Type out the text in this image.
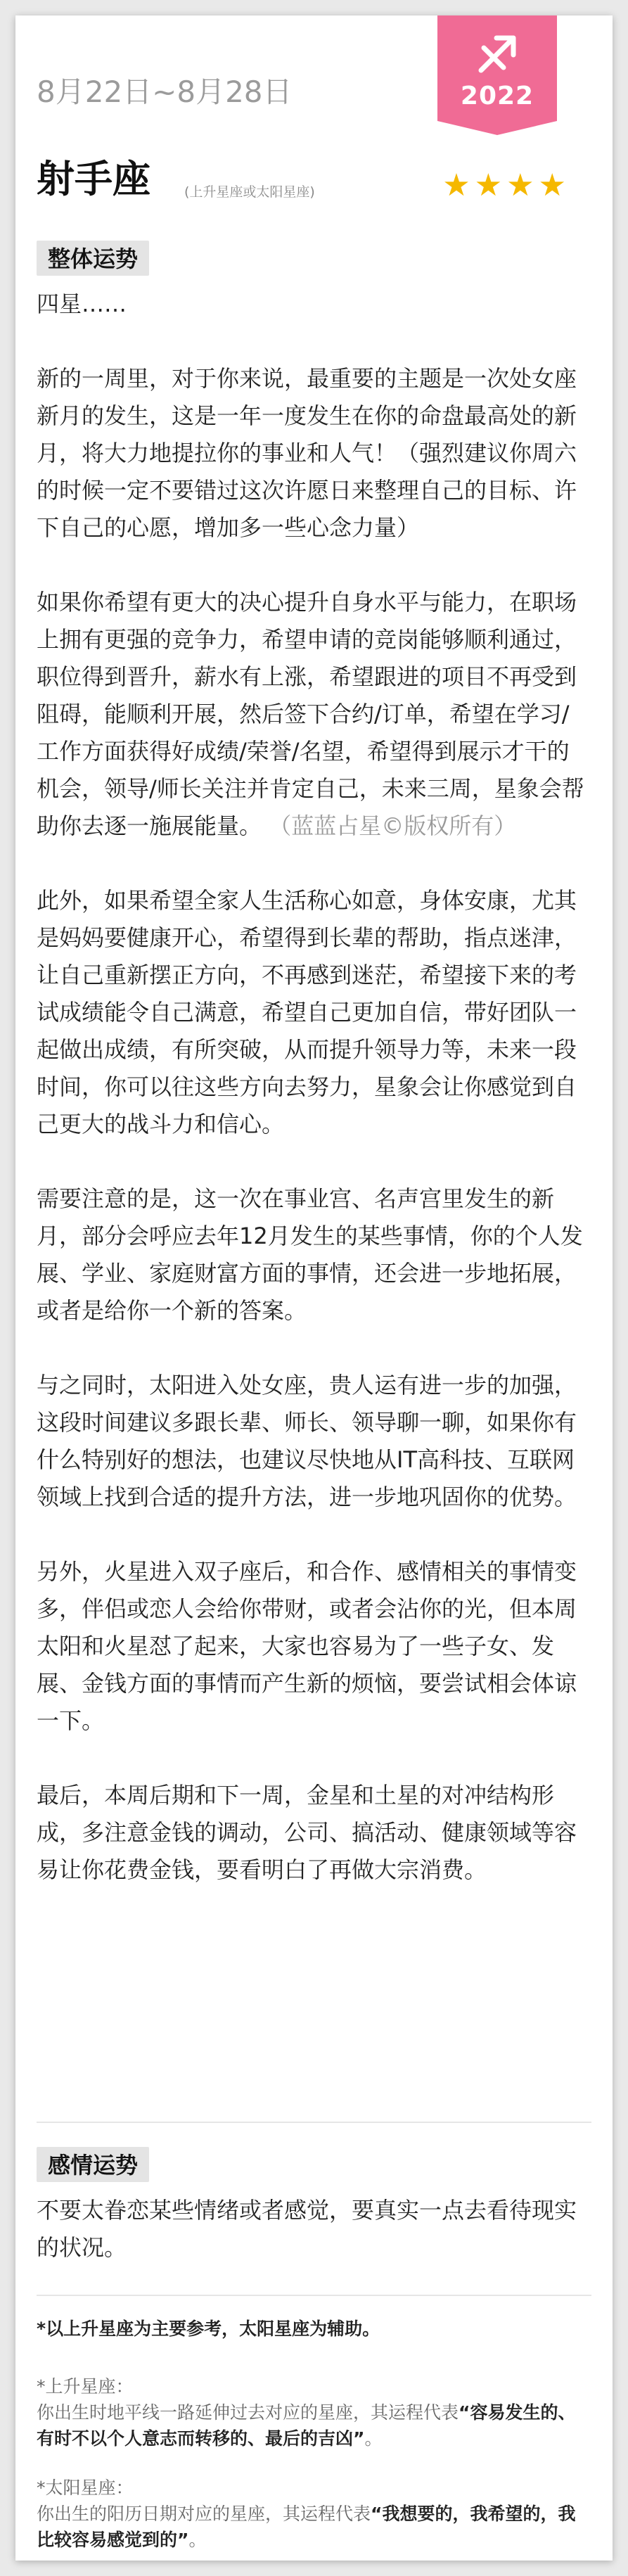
2022
8月22日~8月28日
射手座	(上升星座或太阳星座)	★★★★
整体运势

四星……

新的一周里，对于你来说，最重要的主题是一次处女座新月的发生，这是一年一度发生在你的命盘最高处的新月，将大力地提拉你的事业和人气！（强烈建议你周六的时候一定不要错过这次许愿日来整理自己的目标、许下自己的心愿，增加多一些心念力量）

如果你希望有更大的决心提升自身水平与能力，在职场上拥有更强的竞争力，希望申请的竞岗能够顺利通过，职位得到晋升，薪水有上涨，希望跟进的项目不再受到阻碍，能顺利开展，然后签下合约/订单，希望在学习/工作方面获得好成绩/荣誉/名望，希望得到展示才干的机会，领导/师长关注并肯定自己，未来三周，星象会帮助你去逐一施展能量。 （蓝蓝占星©版权所有）

此外，如果希望全家人生活称心如意，身体安康，尤其是妈妈要健康开心，希望得到长辈的帮助，指点迷津，让自己重新摆正方向，不再感到迷茫，希望接下来的考试成绩能令自己满意，希望自己更加自信，带好团队一起做出成绩，有所突破，从而提升领导力等，未来一段时间，你可以往这些方向去努力，星象会让你感觉到自己更大的战斗力和信心。

需要注意的是，这一次在事业宫、名声宫里发生的新月，部分会呼应去年12月发生的某些事情，你的个人发展、学业、家庭财富方面的事情，还会进一步地拓展，或者是给你一个新的答案。

与之同时，太阳进入处女座，贵人运有进一步的加强，这段时间建议多跟长辈、师长、领导聊一聊，如果你有什么特别好的想法，也建议尽快地从IT高科技、互联网领域上找到合适的提升方法，进一步地巩固你的优势。

另外，火星进入双子座后，和合作、感情相关的事情变多，伴侣或恋人会给你带财，或者会沾你的光，但本周太阳和火星怼了起来，大家也容易为了一些子女、发展、金钱方面的事情而产生新的烦恼，要尝试相会体谅一下。

最后，本周后期和下一周，金星和土星的对冲结构形成，多注意金钱的调动，公司、搞活动、健康领域等容易让你花费金钱，要看明白了再做大宗消费。

感情运势

不要太眷恋某些情绪或者感觉，要真实一点去看待现实的状况。

*以上升星座为主要参考，太阳星座为辅助。
*上升星座：
你出生时地平线一路延伸过去对应的星座，其运程代表“容易发生的、有时不以个人意志而转移的、最后的吉凶”。
*太阳星座：
你出生的阳历日期对应的星座，其运程代表“我想要的，我希望的，我比较容易感觉到的”。
